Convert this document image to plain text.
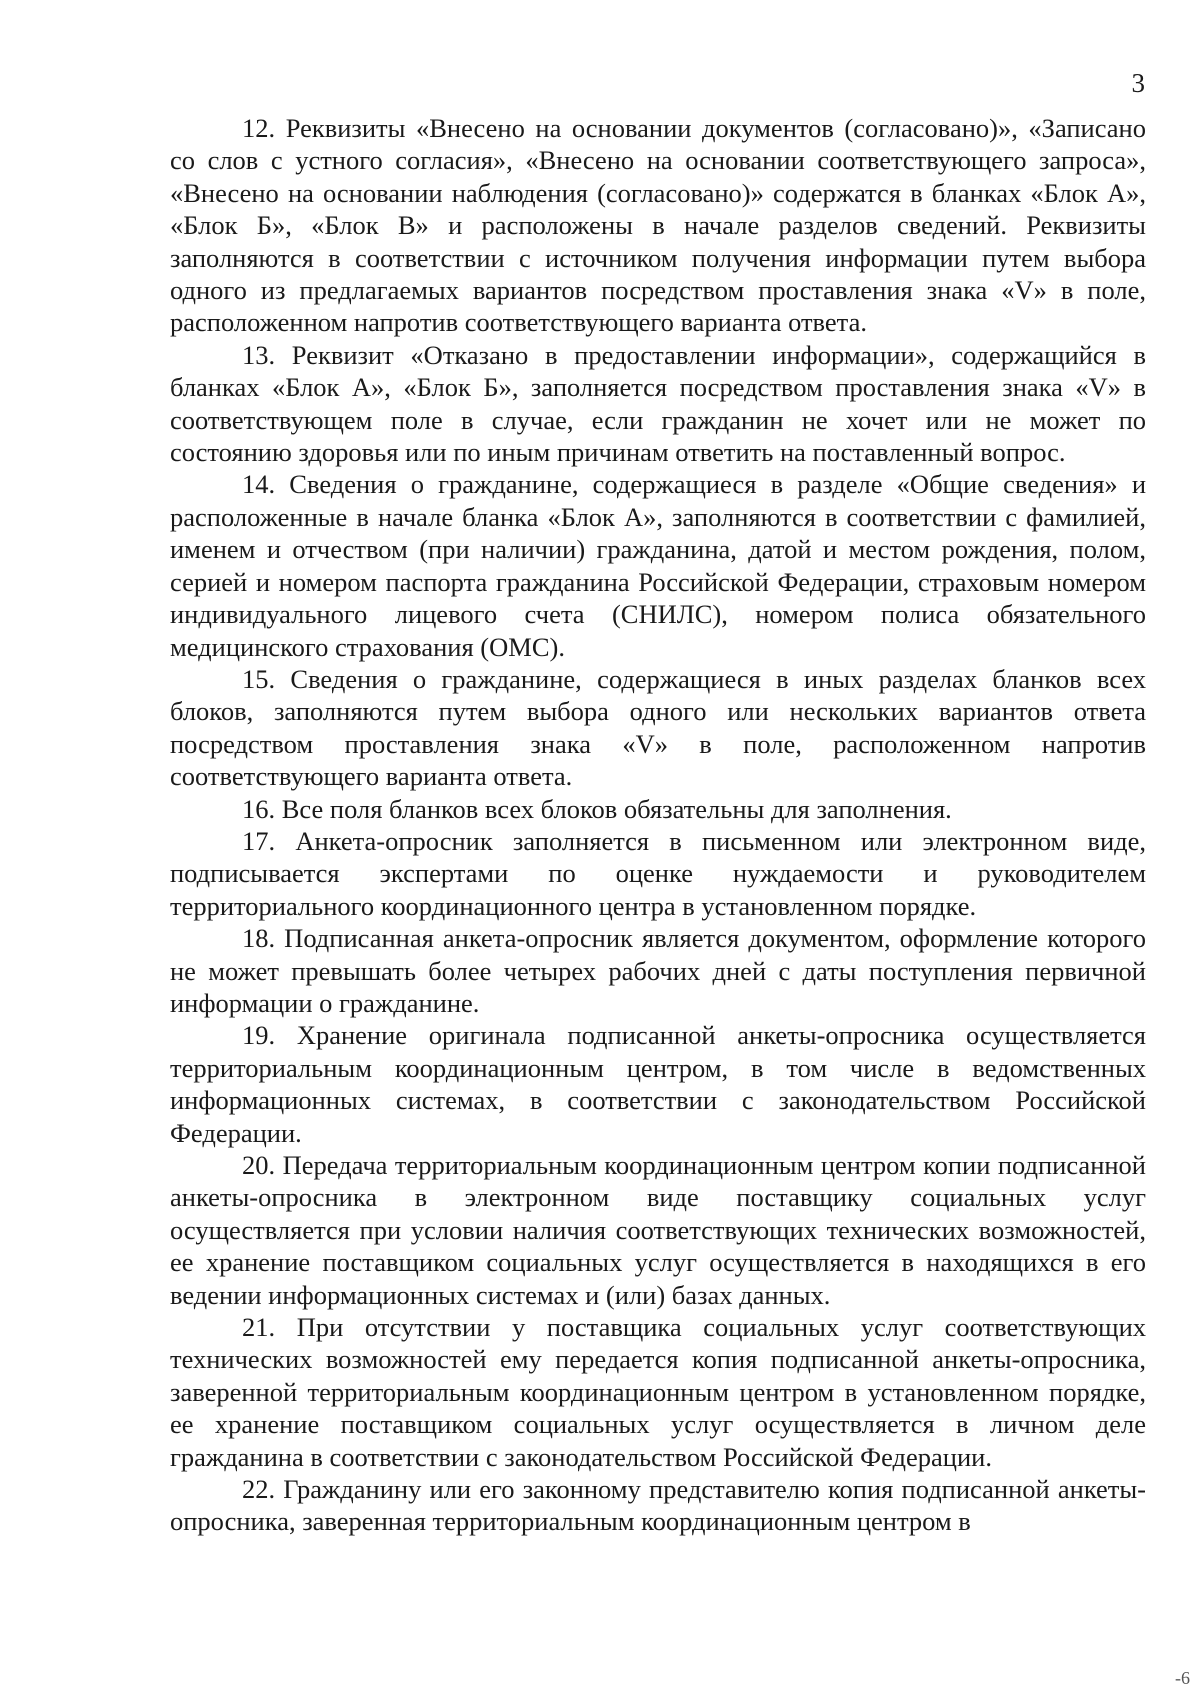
3

12. Реквизиты «Внесено на основании документов (согласовано)», «Записано со слов с устного согласия», «Внесено на основании соответствующего запроса», «Внесено на основании наблюдения (согласовано)» содержатся в бланках «Блок А», «Блок Б», «Блок В» и расположены в начале разделов сведений. Реквизиты заполняются в соответствии с источником получения информации путем выбора одного из предлагаемых вариантов посредством проставления знака «V» в поле, расположенном напротив соответствующего варианта ответа.

13. Реквизит «Отказано в предоставлении информации», содержащийся в бланках «Блок А», «Блок Б», заполняется посредством проставления знака «V» в соответствующем поле в случае, если гражданин не хочет или не может по состоянию здоровья или по иным причинам ответить на поставленный вопрос.

14. Сведения о гражданине, содержащиеся в разделе «Общие сведения» и расположенные в начале бланка «Блок А», заполняются в соответствии с фамилией, именем и отчеством (при наличии) гражданина, датой и местом рождения, полом, серией и номером паспорта гражданина Российской Федерации, страховым номером индивидуального лицевого счета (СНИЛС), номером полиса обязательного медицинского страхования (ОМС).

15. Сведения о гражданине, содержащиеся в иных разделах бланков всех блоков, заполняются путем выбора одного или нескольких вариантов ответа посредством проставления знака «V» в поле, расположенном напротив соответствующего варианта ответа.

16. Все поля бланков всех блоков обязательны для заполнения.

17. Анкета-опросник заполняется в письменном или электронном виде, подписывается экспертами по оценке нуждаемости и руководителем территориального координационного центра в установленном порядке.

18. Подписанная анкета-опросник является документом, оформление которого не может превышать более четырех рабочих дней с даты поступления первичной информации о гражданине.

19. Хранение оригинала подписанной анкеты-опросника осуществляется территориальным координационным центром, в том числе в ведомственных информационных системах, в соответствии с законодательством Российской Федерации.

20. Передача территориальным координационным центром копии подписанной анкеты-опросника в электронном виде поставщику социальных услуг осуществляется при условии наличия соответствующих технических возможностей, ее хранение поставщиком социальных услуг осуществляется в находящихся в его ведении информационных системах и (или) базах данных.

21. При отсутствии у поставщика социальных услуг соответствующих технических возможностей ему передается копия подписанной анкеты-опросника, заверенной территориальным координационным центром в установленном порядке, ее хранение поставщиком социальных услуг осуществляется в личном деле гражданина в соответствии с законодательством Российской Федерации.

22. Гражданину или его законному представителю копия подписанной анкеты-опросника, заверенная территориальным координационным центром в

-6
